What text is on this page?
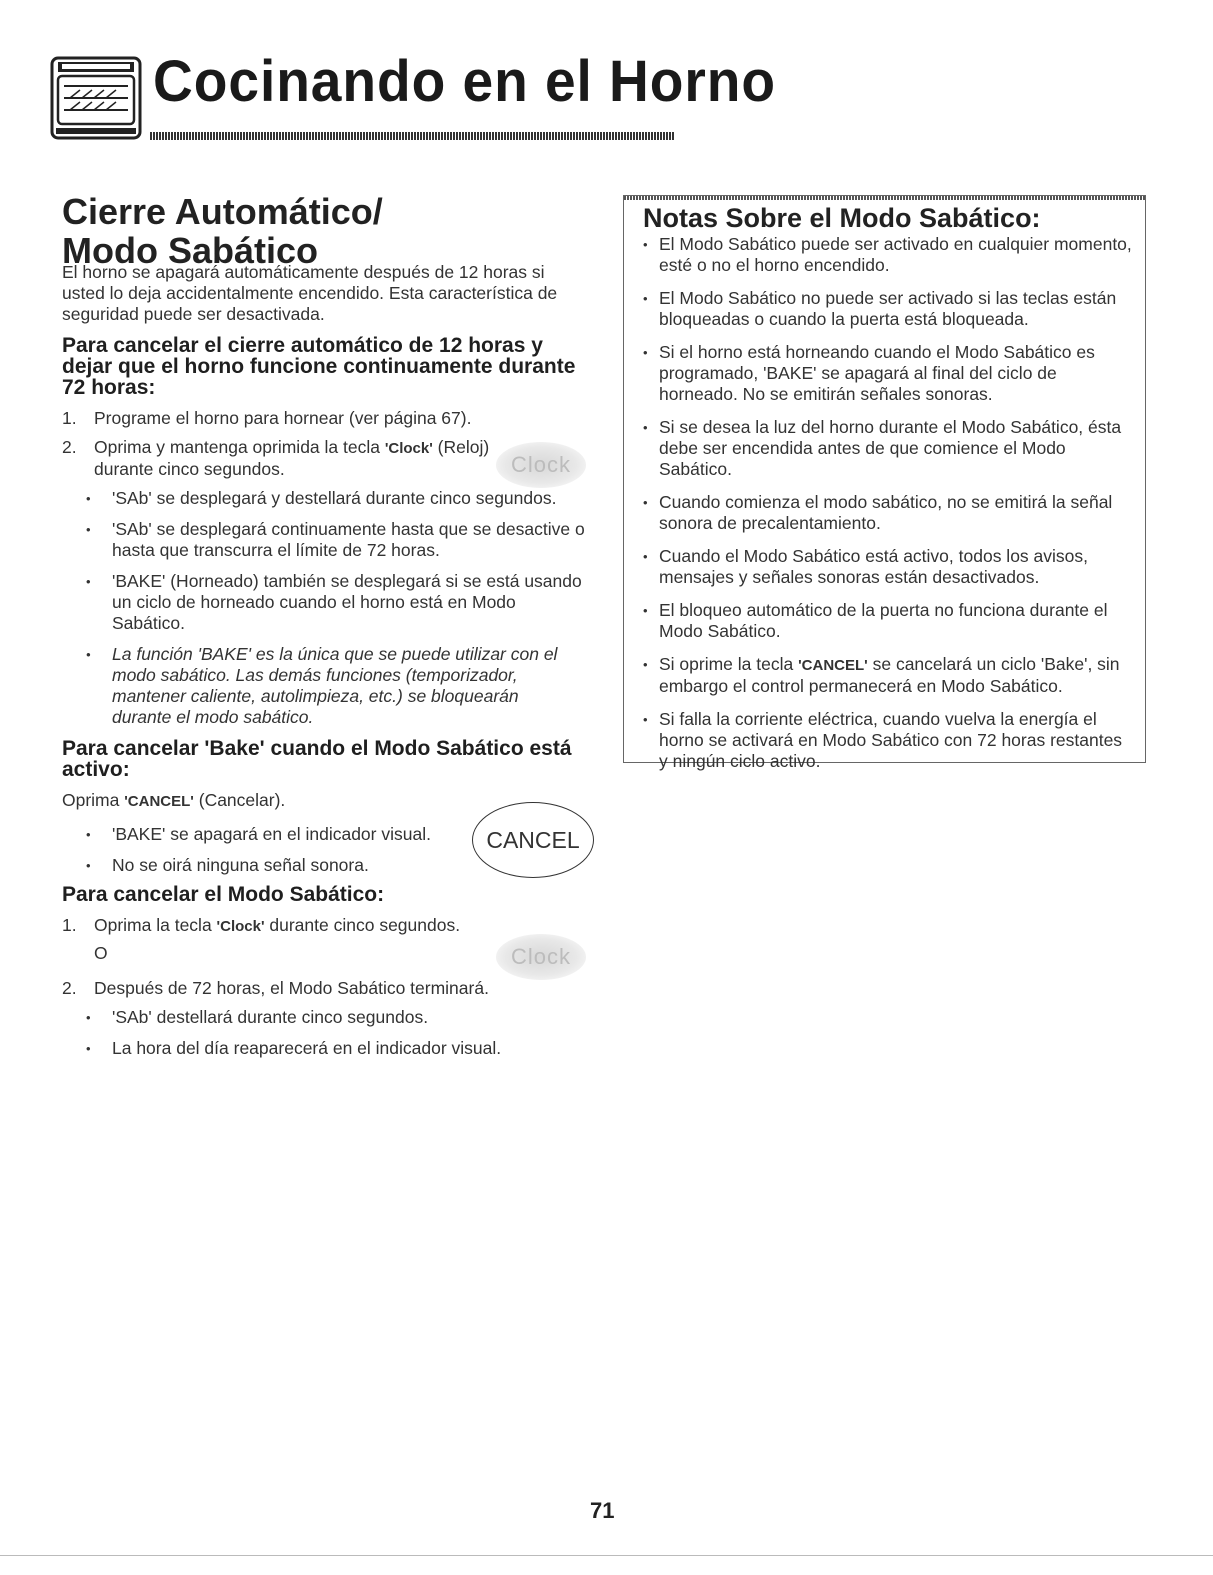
Cocinando en el Horno
Cierre Automático/
Modo Sabático

El horno se apagará automáticamente después de 12 horas si usted lo deja accidentalmente encendido. Esta característica de seguridad puede ser desactivada.

Para cancelar el cierre automático de 12 horas y dejar que el horno funcione continuamente durante 72 horas:
1. Programe el horno para hornear (ver página 67).
2. Oprima y mantenga oprimida la tecla 'Clock' (Reloj) durante cinco segundos.
• 'SAb' se desplegará y destellará durante cinco segundos.
• 'SAb' se desplegará continuamente hasta que se desactive o hasta que transcurra el límite de 72 horas.
• 'BAKE' (Horneado) también se desplegará si se está usando un ciclo de horneado cuando el horno está en Modo Sabático.
• La función 'BAKE' es la única que se puede utilizar con el modo sabático. Las demás funciones (temporizador, mantener caliente, autolimpieza, etc.) se bloquearán durante el modo sabático.
Para cancelar 'Bake' cuando el Modo Sabático está activo:

Oprima 'CANCEL' (Cancelar).

• 'BAKE' se apagará en el indicador visual.
• No se oirá ninguna señal sonora.
Para cancelar el Modo Sabático:
1. Oprima la tecla 'Clock' durante cinco segundos.

O

2. Después de 72 horas, el Modo Sabático terminará.
• 'SAb' destellará durante cinco segundos.
• La hora del día reaparecerá en el indicador visual.
Clock
CANCEL
Clock
Notas Sobre el Modo Sabático:
• El Modo Sabático puede ser activado en cualquier momento, esté o no el horno encendido.
• El Modo Sabático no puede ser activado si las teclas están bloqueadas o cuando la puerta está bloqueada.
• Si el horno está horneando cuando el Modo Sabático es programado, 'BAKE' se apagará al final del ciclo de horneado. No se emitirán señales sonoras.
• Si se desea la luz del horno durante el Modo Sabático, ésta debe ser encendida antes de que comience el Modo Sabático.
• Cuando comienza el modo sabático, no se emitirá la señal sonora de precalentamiento.
• Cuando el Modo Sabático está activo, todos los avisos, mensajes y señales sonoras están desactivados.
• El bloqueo automático de la puerta no funciona durante el Modo Sabático.
• Si oprime la tecla 'CANCEL' se cancelará un ciclo 'Bake', sin embargo el control permanecerá en Modo Sabático.
• Si falla la corriente eléctrica, cuando vuelva la energía el horno se activará en Modo Sabático con 72 horas restantes y ningún ciclo activo.
71
